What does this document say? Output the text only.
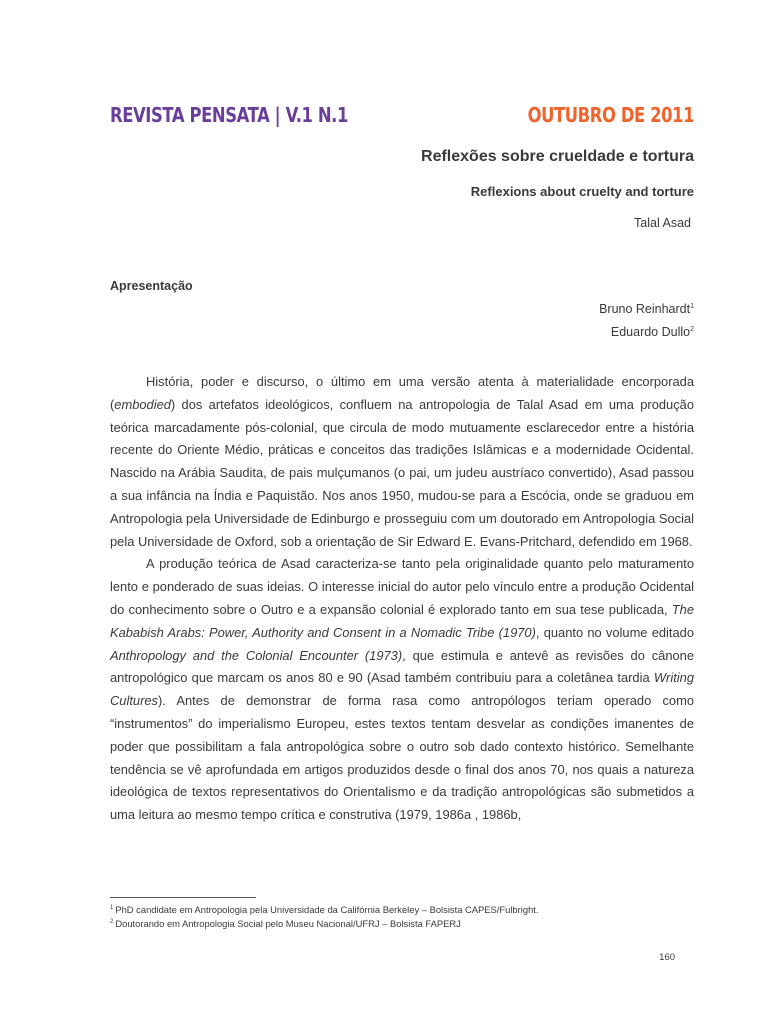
REVISTA PENSATA | V.1 N.1	OUTUBRO DE 2011
Reflexões sobre crueldade e tortura
Reflexions about cruelty and torture
Talal Asad
Apresentação
Bruno Reinhardt$^1$
Eduardo Dullo$^2$

História, poder e discurso, o último em uma versão atenta à materialidade encorporada (embodied) dos artefatos ideológicos, confluem na antropologia de Talal Asad em uma produção teórica marcadamente pós-colonial, que circula de modo mutuamente esclarecedor entre a história recente do Oriente Médio, práticas e conceitos das tradições Islâmicas e a modernidade Ocidental. Nascido na Arábia Saudita, de pais mulçumanos (o pai, um judeu austríaco convertido), Asad passou a sua infância na Índia e Paquistão. Nos anos 1950, mudou-se para a Escócia, onde se graduou em Antropologia pela Universidade de Edinburgo e prosseguiu com um doutorado em Antropologia Social pela Universidade de Oxford, sob a orientação de Sir Edward E. Evans-Pritchard, defendido em 1968.

A produção teórica de Asad caracteriza-se tanto pela originalidade quanto pelo maturamento lento e ponderado de suas ideias. O interesse inicial do autor pelo vínculo entre a produção Ocidental do conhecimento sobre o Outro e a expansão colonial é explorado tanto em sua tese publicada, The Kababish Arabs: Power, Authority and Consent in a Nomadic Tribe (1970), quanto no volume editado Anthropology and the Colonial Encounter (1973), que estimula e antevê as revisões do cânone antropológico que marcam os anos 80 e 90 (Asad também contribuiu para a coletânea tardia Writing Cultures). Antes de demonstrar de forma rasa como antropólogos teriam operado como “instrumentos” do imperialismo Europeu, estes textos tentam desvelar as condições imanentes de poder que possibilitam a fala antropológica sobre o outro sob dado contexto histórico. Semelhante tendência se vê aprofundada em artigos produzidos desde o final dos anos 70, nos quais a natureza ideológica de textos representativos do Orientalismo e da tradição antropológicas são submetidos a uma leitura ao mesmo tempo crítica e construtiva (1979, 1986a , 1986b,

$^1$ PhD candidate em Antropologia pela Universidade da Califórnia Berkeley – Bolsista CAPES/Fulbright.
$^2$ Doutorando em Antropologia Social pelo Museu Nacional/UFRJ – Bolsista FAPERJ
160
